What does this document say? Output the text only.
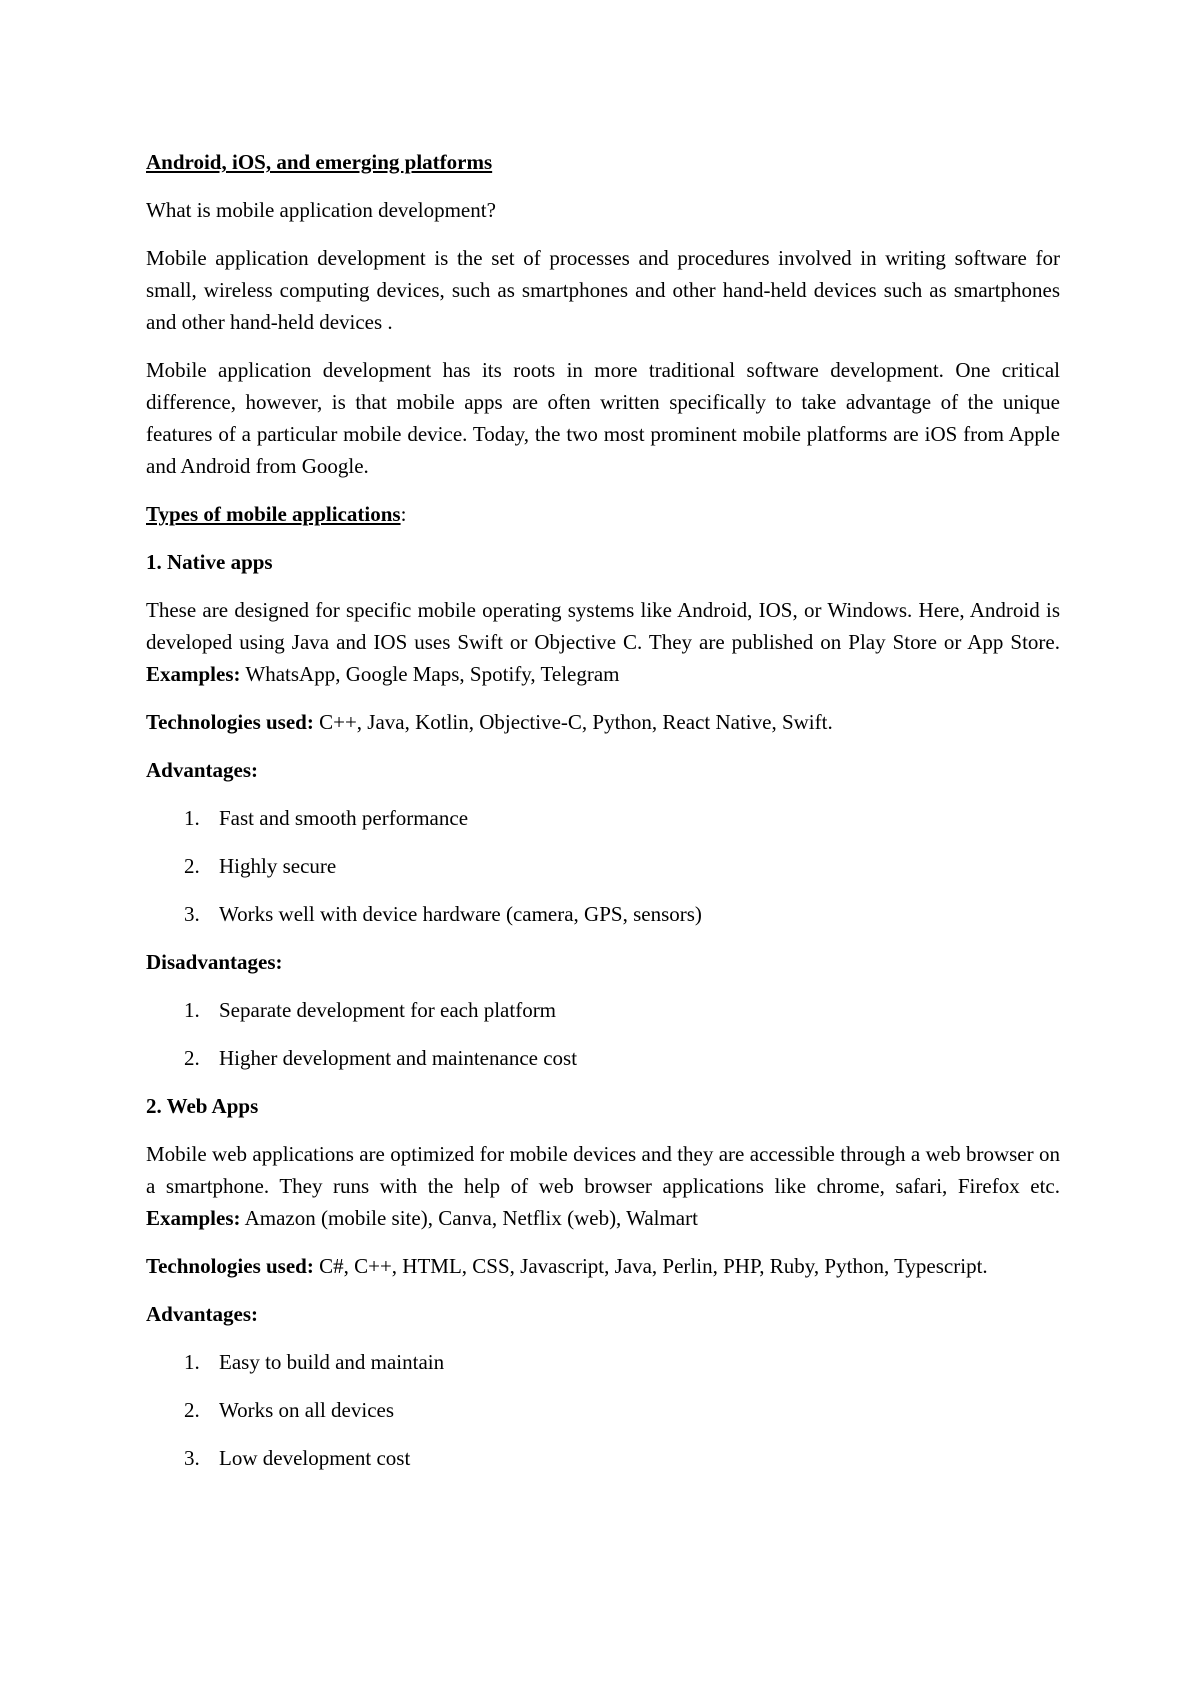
Android, iOS, and emerging platforms

What is mobile application development?

Mobile application development is the set of processes and procedures involved in writing software for small, wireless computing devices, such as smartphones and other hand-held devices such as smartphones and other hand-held devices .

Mobile application development has its roots in more traditional software development. One critical difference, however, is that mobile apps are often written specifically to take advantage of the unique features of a particular mobile device. Today, the two most prominent mobile platforms are iOS from Apple and Android from Google.

Types of mobile applications:

1. Native apps

These are designed for specific mobile operating systems like Android, IOS, or Windows. Here, Android is developed using Java and IOS uses Swift or Objective C. They are published on Play Store or App Store. Examples: WhatsApp, Google Maps, Spotify, Telegram

Technologies used: C++, Java, Kotlin, Objective-C, Python, React Native, Swift.

Advantages:

1. Fast and smooth performance
2. Highly secure
3. Works well with device hardware (camera, GPS, sensors)

Disadvantages:

1. Separate development for each platform
2. Higher development and maintenance cost

2. Web Apps

Mobile web applications are optimized for mobile devices and they are accessible through a web browser on a smartphone. They runs with the help of web browser applications like chrome, safari, Firefox etc. Examples: Amazon (mobile site), Canva, Netflix (web), Walmart

Technologies used: C#, C++, HTML, CSS, Javascript, Java, Perlin, PHP, Ruby, Python, Typescript.

Advantages:

1. Easy to build and maintain
2. Works on all devices
3. Low development cost
